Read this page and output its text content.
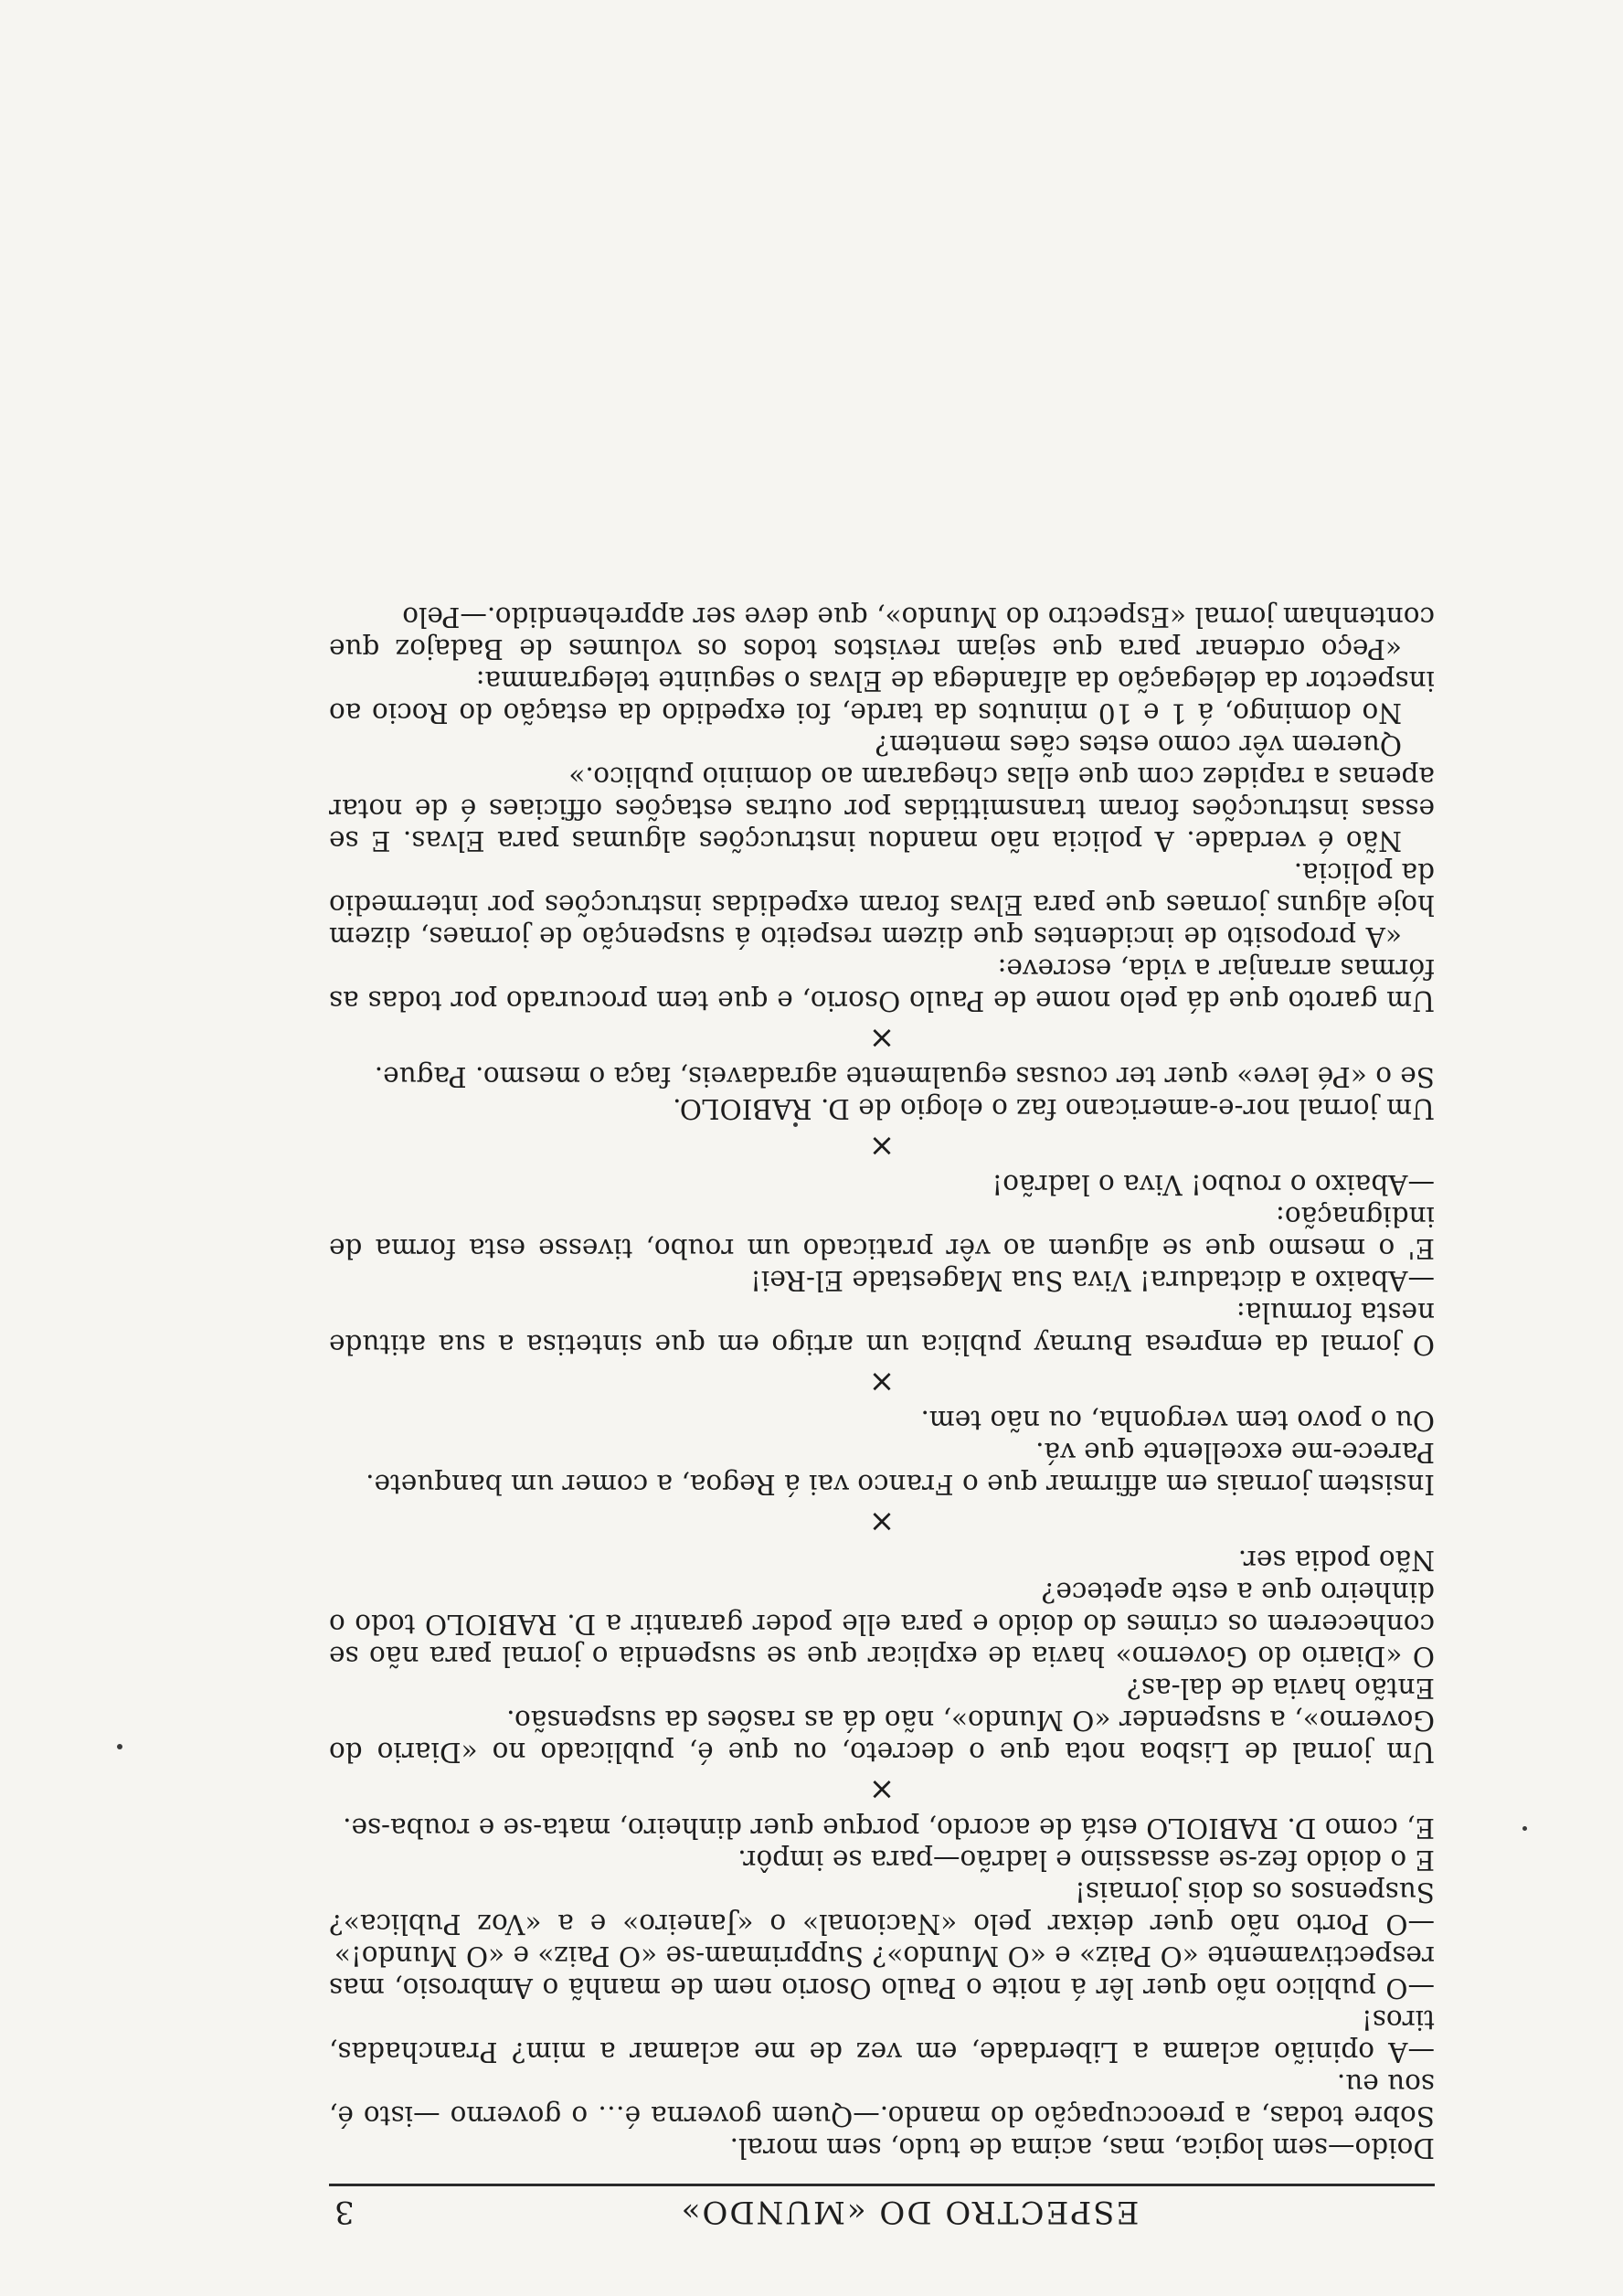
ESPECTRO DO «MUNDO»
3

Doido—sem logica, mas, acima de tudo, sem moral.

Sobre todas, a preoccupação do mando.—Quem governa é… o governo —isto é, sou eu.

—A opinião aclama a Liberdade, em vez de me aclamar a mim? Pranchadas, tiros!

—O publico não quer lêr á noite o Paulo Osorio nem de manhã o Ambrosio, mas respectivamente «O Paiz» e «O Mundo»? Supprimam-se «O Paiz» e «O Mundo!»

—O Porto não quer deixar pelo «Nacional» o «Janeiro» e a «Voz Publica»? Suspensos os dois jornais!

E o doido fez-se assassino e ladrão—para se impôr.

E, como D. RABIOLO está de acordo, porque quer dinheiro, mata-se e rouba-se.

×

Um jornal de Lisboa nota que o decreto, ou que é, publicado no «Diario do Governo», a suspender «O Mundo», não dá as rasões da suspensão.

Então havia de dal-as?

O «Diario do Governo» havia de explicar que se suspendia o jornal para não se conhecerem os crimes do doido e para elle poder garantir a D. RABIOLO todo o dinheiro que a este apetece?

Não podia ser.

×

Insistem jornais em affirmar que o Franco vai á Regoa, a comer um banquete.

Parece-me excellente que vá.

Ou o povo tem vergonha, ou não tem.

×

O jornal da empresa Burnay publica um artigo em que sintetisa a sua atitude nesta formula:

—Abaixo a dictadura! Viva Sua Magestade El-Rei!

E' o mesmo que se alguem ao vêr praticado um roubo, tivesse esta forma de indignação:

—Abaixo o roubo! Viva o ladrão!

×

Um jornal nor-e-americano faz o elogio de D. RABIOLO.

Se o «Pé leve» quer ter cousas egualmente agradaveis, faça o mesmo. Pague.

×

Um garoto que dá pelo nome de Paulo Osorio, e que tem procurado por todas as fórmas arranjar a vida, escreve:

«A proposito de incidentes que dizem respeito á suspenção de jornaes, dizem hoje alguns jornaes que para Elvas foram expedidas instrucções por intermedio da policia.

Não é verdade. A policia não mandou instrucções algumas para Elvas. E se essas instrucções foram transmittidas por outras estações officiaes é de notar apenas a rapidez com que ellas chegaram ao dominio publico.»

Querem vêr como estes cães mentem?

No domingo, á 1 e 10 minutos da tarde, foi expedido da estação do Rocio ao inspector da delegação da alfandega de Elvas o seguinte telegramma:

«Peço ordenar para que sejam revistos todos os volumes de Badajoz que contenham jornal «Espectro do Mundo», que deve ser apprehendido.—Pelo
